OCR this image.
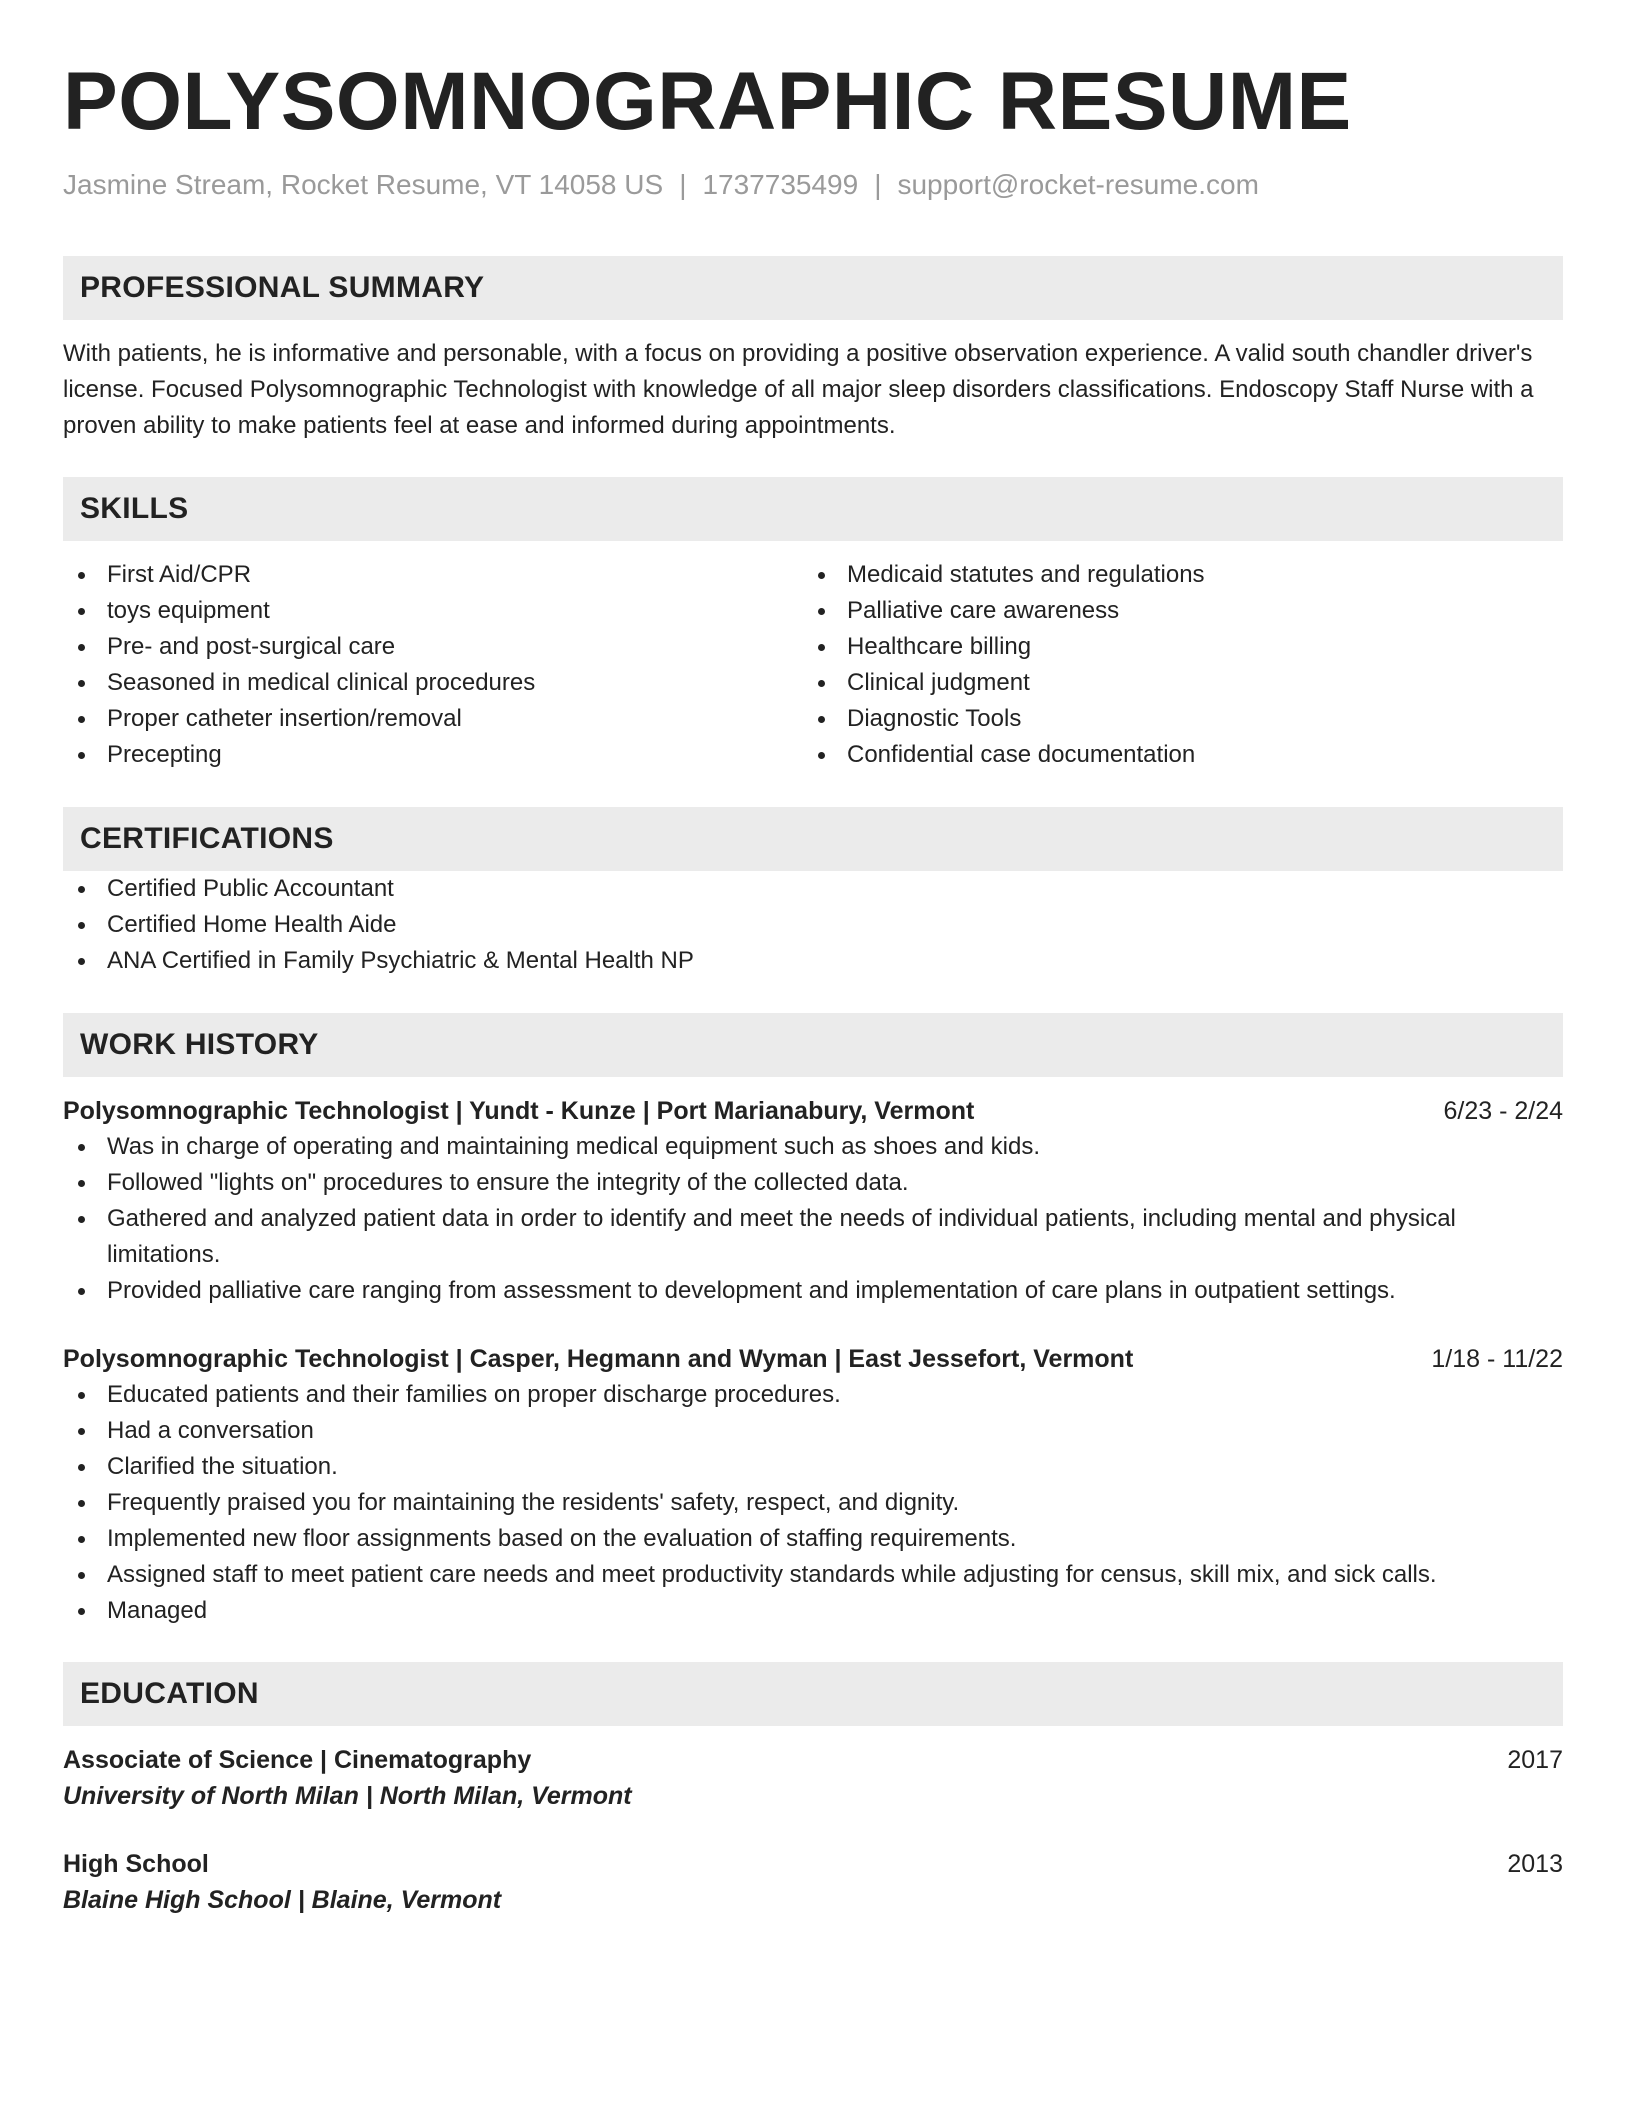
POLYSOMNOGRAPHIC RESUME
Jasmine Stream, Rocket Resume, VT 14058 US | 1737735499 | support@rocket-resume.com
PROFESSIONAL SUMMARY
With patients, he is informative and personable, with a focus on providing a positive observation experience. A valid south chandler driver's license. Focused Polysomnographic Technologist with knowledge of all major sleep disorders classifications. Endoscopy Staff Nurse with a proven ability to make patients feel at ease and informed during appointments.
SKILLS
First Aid/CPR
toys equipment
Pre- and post-surgical care
Seasoned in medical clinical procedures
Proper catheter insertion/removal
Precepting
Medicaid statutes and regulations
Palliative care awareness
Healthcare billing
Clinical judgment
Diagnostic Tools
Confidential case documentation
CERTIFICATIONS
Certified Public Accountant
Certified Home Health Aide
ANA Certified in Family Psychiatric & Mental Health NP
WORK HISTORY
Polysomnographic Technologist | Yundt - Kunze | Port Marianabury, Vermont	6/23 - 2/24
Was in charge of operating and maintaining medical equipment such as shoes and kids.
Followed "lights on" procedures to ensure the integrity of the collected data.
Gathered and analyzed patient data in order to identify and meet the needs of individual patients, including mental and physical limitations.
Provided palliative care ranging from assessment to development and implementation of care plans in outpatient settings.
Polysomnographic Technologist | Casper, Hegmann and Wyman | East Jessefort, Vermont	1/18 - 11/22
Educated patients and their families on proper discharge procedures.
Had a conversation
Clarified the situation.
Frequently praised you for maintaining the residents' safety, respect, and dignity.
Implemented new floor assignments based on the evaluation of staffing requirements.
Assigned staff to meet patient care needs and meet productivity standards while adjusting for census, skill mix, and sick calls.
Managed
EDUCATION
Associate of Science | Cinematography	2017
University of North Milan | North Milan, Vermont
High School	2013
Blaine High School | Blaine, Vermont
